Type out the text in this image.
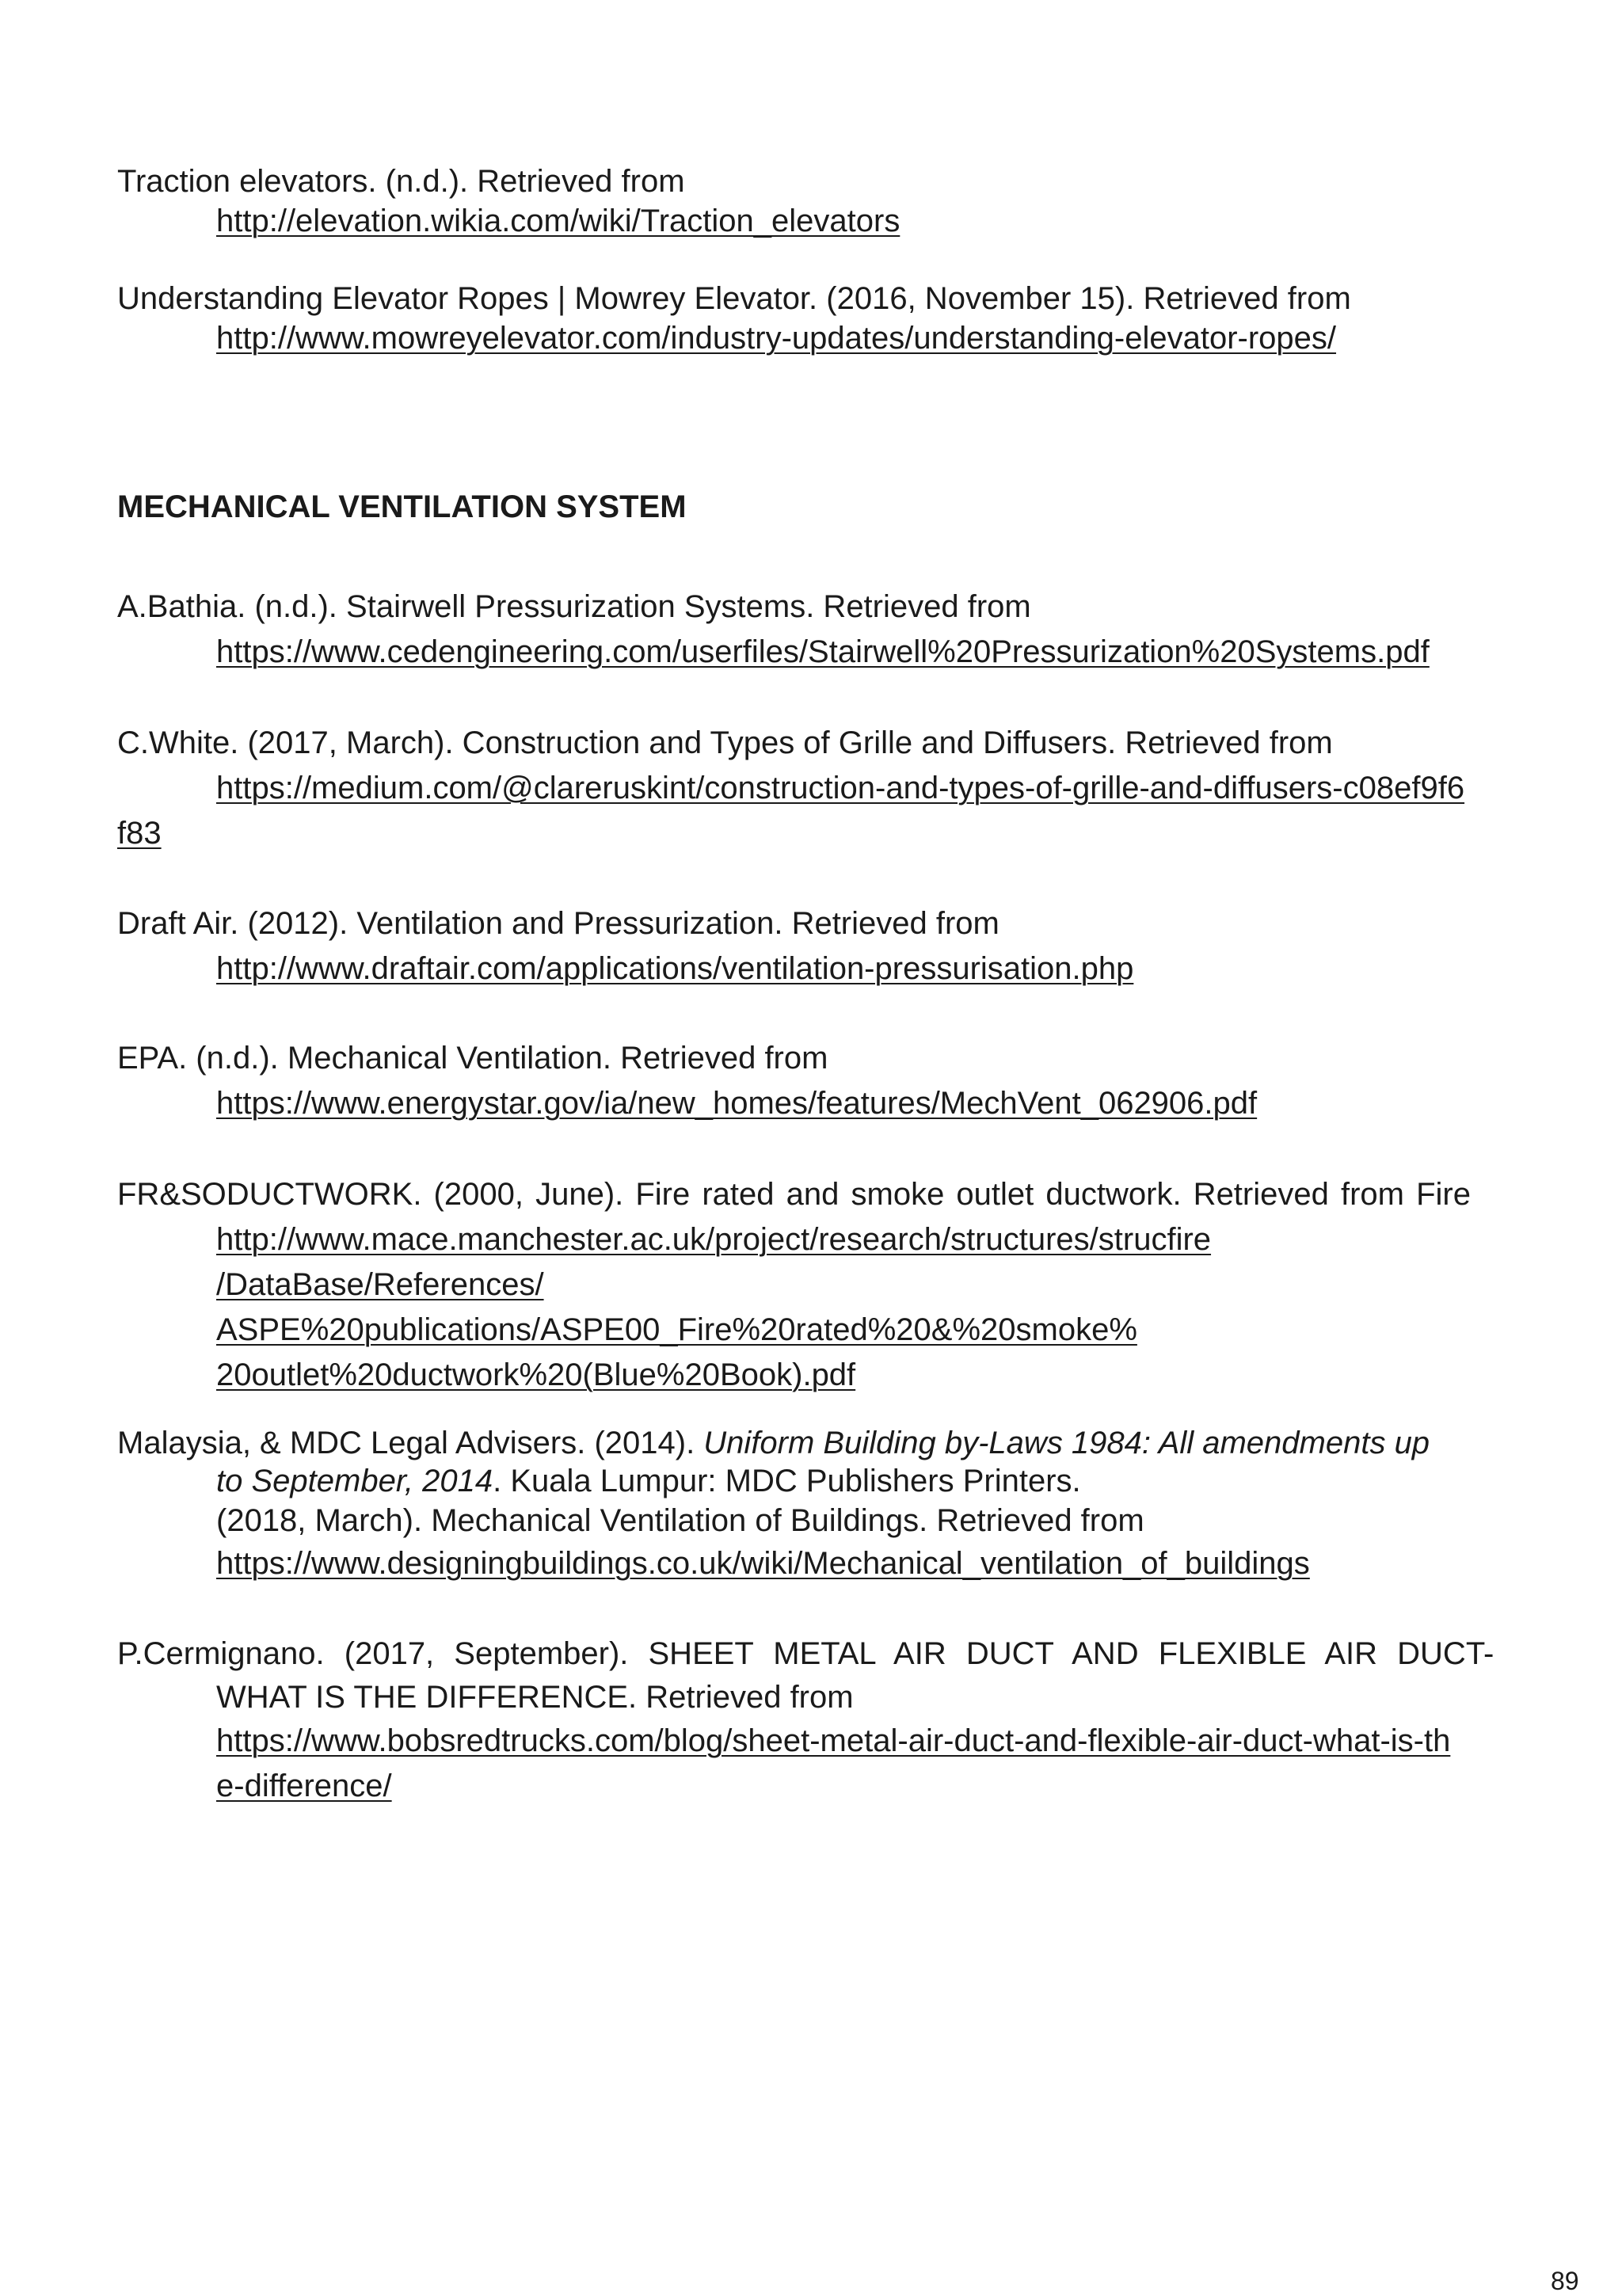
Traction elevators. (n.d.). Retrieved from
http://elevation.wikia.com/wiki/Traction_elevators
Understanding Elevator Ropes | Mowrey Elevator. (2016, November 15). Retrieved from
http://www.mowreyelevator.com/industry-updates/understanding-elevator-ropes/
MECHANICAL VENTILATION SYSTEM
A.Bathia. (n.d.). Stairwell Pressurization Systems. Retrieved from
https://www.cedengineering.com/userfiles/Stairwell%20Pressurization%20Systems.pdf
C.White. (2017, March). Construction and Types of Grille and Diffusers. Retrieved from
https://medium.com/@clareruskint/construction-and-types-of-grille-and-diffusers-c08ef9f6
f83
Draft Air. (2012). Ventilation and Pressurization. Retrieved from
http://www.draftair.com/applications/ventilation-pressurisation.php
EPA. (n.d.). Mechanical Ventilation. Retrieved from
https://www.energystar.gov/ia/new_homes/features/MechVent_062906.pdf
FR&SODUCTWORK. (2000, June). Fire rated and smoke outlet ductwork. Retrieved from Fire
http://www.mace.manchester.ac.uk/project/research/structures/strucfire
/DataBase/References/
ASPE%20publications/ASPE00_Fire%20rated%20&%20smoke%
20outlet%20ductwork%20(Blue%20Book).pdf
Malaysia, & MDC Legal Advisers. (2014). Uniform Building by-Laws 1984: All amendments up
to September, 2014. Kuala Lumpur: MDC Publishers Printers.
(2018, March). Mechanical Ventilation of Buildings. Retrieved from
https://www.designingbuildings.co.uk/wiki/Mechanical_ventilation_of_buildings
P.Cermignano. (2017, September). SHEET METAL AIR DUCT AND FLEXIBLE AIR DUCT-
WHAT IS THE DIFFERENCE. Retrieved from
https://www.bobsredtrucks.com/blog/sheet-metal-air-duct-and-flexible-air-duct-what-is-th
e-difference/
89
